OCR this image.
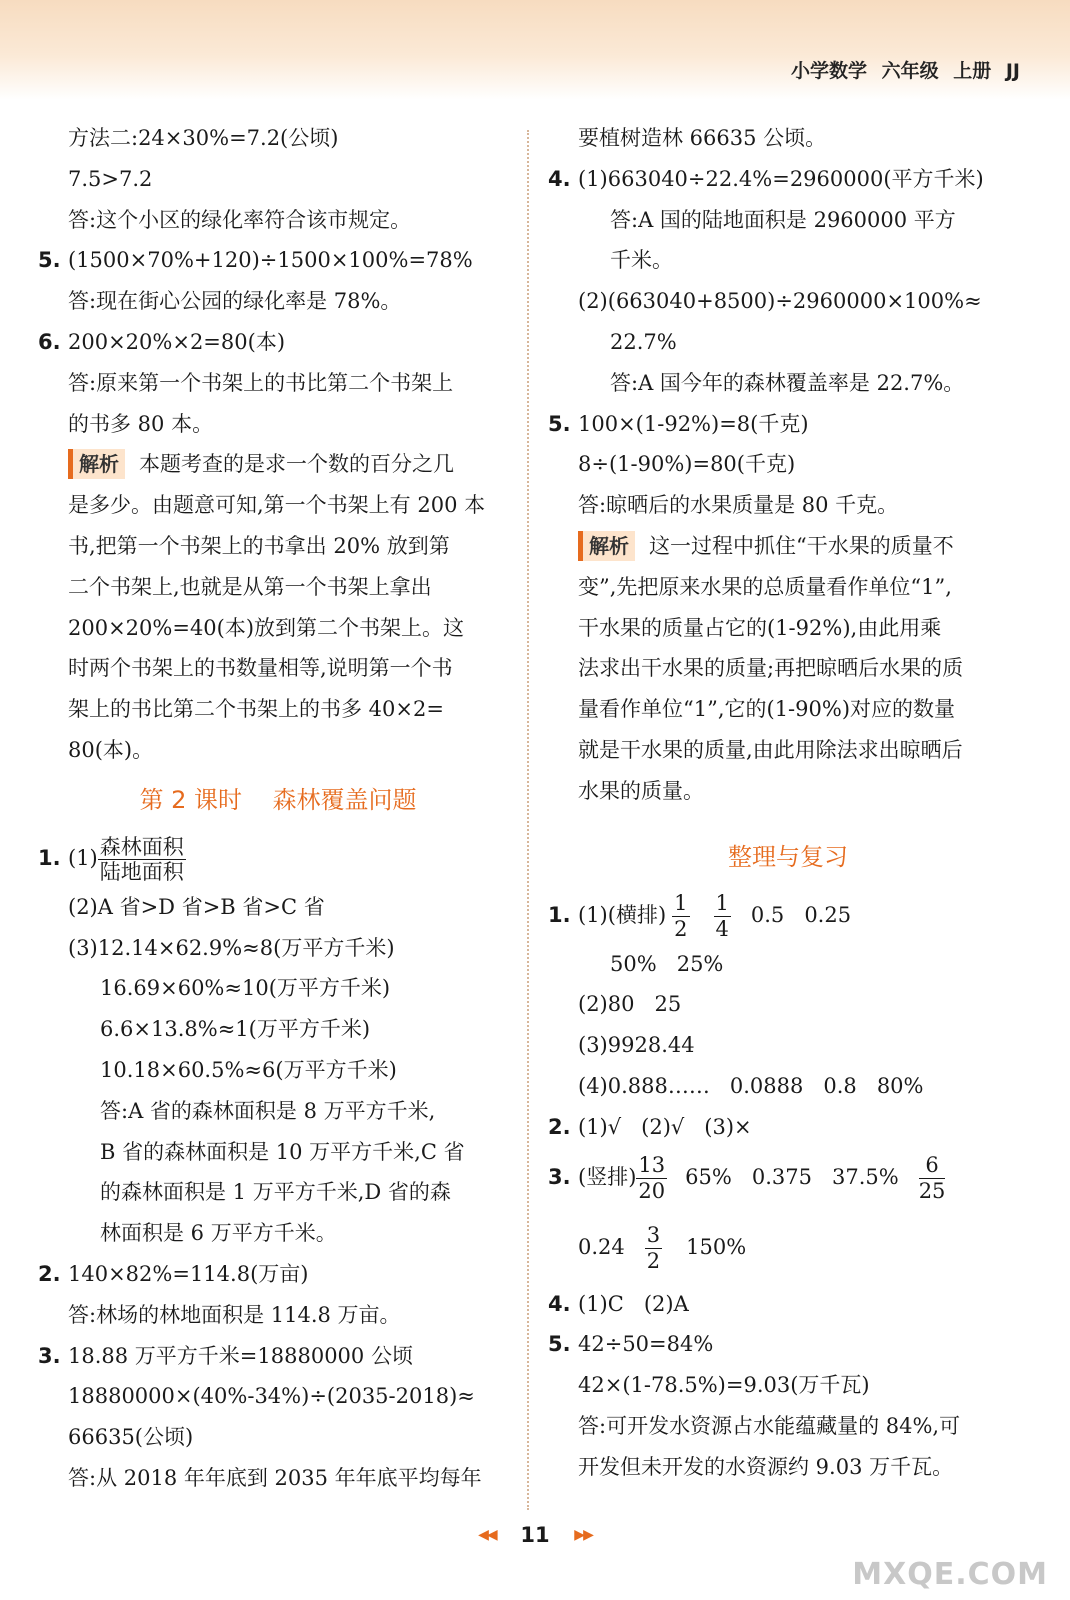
小学数学 六年级 上册 JJ
方法二:24×30%=7.2(公顷)
7.5>7.2
答:这个小区的绿化率符合该市规定。
5. (1500×70%+120)÷1500×100%=78%
答:现在街心公园的绿化率是 78%。
6. 200×20%×2=80(本)
答:原来第一个书架上的书比第二个书架上
的书多 80 本。
解析 本题考查的是求一个数的百分之几
是多少。由题意可知,第一个书架上有 200 本
书,把第一个书架上的书拿出 20% 放到第
二个书架上,也就是从第一个书架上拿出
200×20%=40(本)放到第二个书架上。这
时两个书架上的书数量相等,说明第一个书
架上的书比第二个书架上的书多 40×2=
80(本)。
第 2 课时    森林覆盖问题
1. $(1) \frac{\text{森林面积}}{\text{陆地面积}}$
(2)A 省>D 省>B 省>C 省
(3)12.14×62.9%≈8(万平方千米)
16.69×60%≈10(万平方千米)
6.6×13.8%≈1(万平方千米)
10.18×60.5%≈6(万平方千米)
答:A 省的森林面积是 8 万平方千米,
B 省的森林面积是 10 万平方千米,C 省
的森林面积是 1 万平方千米,D 省的森
林面积是 6 万平方千米。
2. 140×82%=114.8(万亩)
答:林场的林地面积是 114.8 万亩。
3. 18.88 万平方千米=18880000 公顷
18880000×(40%-34%)÷(2035-2018)≈
66635(公顷)
答:从 2018 年年底到 2035 年年底平均每年
要植树造林 66635 公顷。
4. (1)663040÷22.4%=2960000(平方千米)
答:A 国的陆地面积是 2960000 平方
千米。
(2)(663040+8500)÷2960000×100%≈
22.7%
答:A 国今年的森林覆盖率是 22.7%。
5. 100×(1-92%)=8(千克)
8÷(1-90%)=80(千克)
答:晾晒后的水果质量是 80 千克。
解析 这一过程中抓住“干水果的质量不
变”,先把原来水果的总质量看作单位“1”,
干水果的质量占它的(1-92%),由此用乘
法求出干水果的质量;再把晾晒后水果的质
量看作单位“1”,它的(1-90%)对应的数量
就是干水果的质量,由此用除法求出晾晒后
水果的质量。
整理与复习
1. (1)(横排) $\frac{1}{2} \frac{1}{4} 0.5$   0.25
50%   25%
(2)80   25
(3)9928.44
(4)0.888……   0.0888   0.8   80%
2. (1)√   (2)√   (3)×
3. (竖排) $\frac{13}{20} 65\%$   0.375   $37.5\% \frac{6}{25}$
$0.24 \frac{3}{2} 150\%$
4. (1)C   (2)A
5. 42÷50=84%
42×(1-78.5%)=9.03(万千瓦)
答:可开发水资源占水能蕴藏量的 84%,可
开发但未开发的水资源约 9.03 万千瓦。
◀◀ 11 ▶▶
MXQE.COM
